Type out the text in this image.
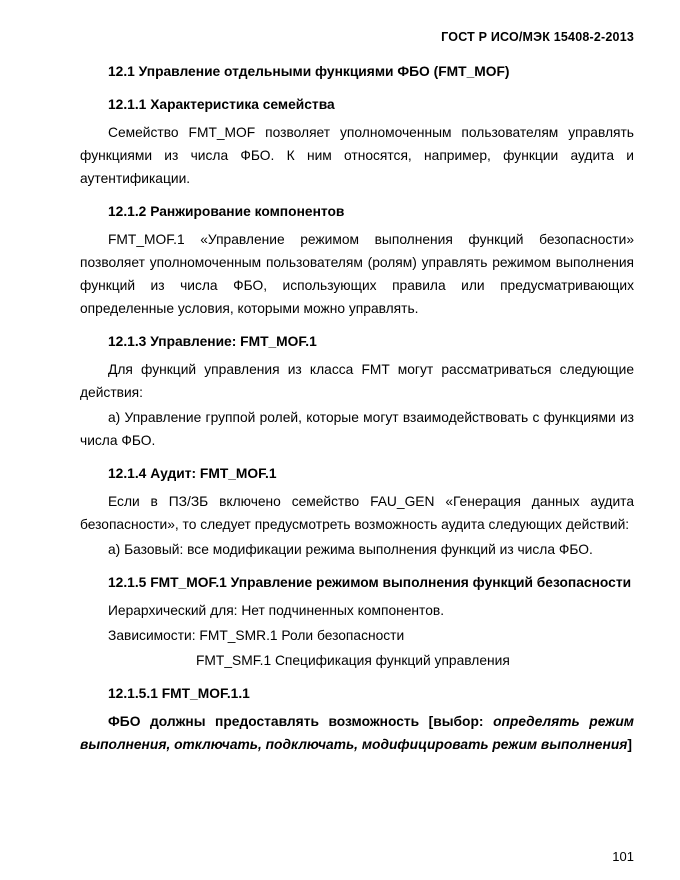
ГОСТ Р ИСО/МЭК 15408-2-2013

12.1 Управление отдельными функциями ФБО (FMT_MOF)

12.1.1 Характеристика семейства

Семейство FMT_MOF позволяет уполномоченным пользователям управлять функциями из числа ФБО. К ним относятся, например, функции аудита и аутентификации.

12.1.2 Ранжирование компонентов

FMT_MOF.1 «Управление режимом выполнения функций безопасности» позволяет уполномоченным пользователям (ролям) управлять режимом выполнения функций из числа ФБО, использующих правила или предусматривающих определенные условия, которыми можно управлять.

12.1.3 Управление: FMT_MOF.1

Для функций управления из класса FMT могут рассматриваться следующие действия:

а) Управление группой ролей, которые могут взаимодействовать с функциями из числа ФБО.

12.1.4 Аудит: FMT_MOF.1

Если в ПЗ/ЗБ включено семейство FAU_GEN «Генерация данных аудита безопасности», то следует предусмотреть возможность аудита следующих действий:

а) Базовый: все модификации режима выполнения функций из числа ФБО.

12.1.5 FMT_MOF.1 Управление режимом выполнения функций безопасности

Иерархический для: Нет подчиненных компонентов.

Зависимости: FMT_SMR.1 Роли безопасности

FMT_SMF.1 Спецификация функций управления

12.1.5.1 FMT_MOF.1.1

ФБО должны предоставлять возможность [выбор: определять режим выполнения, отключать, подключать, модифицировать режим выполнения]

101
